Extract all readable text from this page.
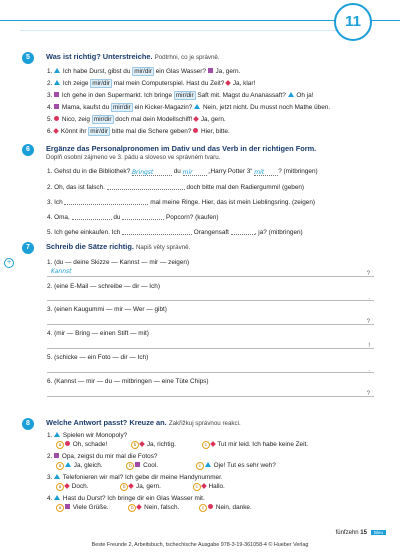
11
5	Was ist richtig? Unterstreiche. Podtrhni, co je správně.
1. Ich habe Durst, gibst du mir/dir ein Glas Wasser? Ja, gern.
2. Ich zeige mir/dir mal mein Computerspiel. Hast du Zeit? Ja, klar!
3. Ich gehe in den Supermarkt. Ich bringe mir/dir Saft mit. Magst du Ananassaft? Oh ja!
4. Mama, kaufst du mir/dir ein Kicker-Magazin? Nein, jetzt nicht. Du musst noch Mathe üben.
5. Nico, zeig mir/dir doch mal dein Modellschiff! Ja, gern.
6. Könnt ihr mir/dir bitte mal die Schere geben? Hier, bitte.
6	Ergänze das Personalpronomen im Dativ und das Verb in der richtigen Form.
Doplň osobní zájmeno ve 3. pádu a sloveso ve správném tvaru.
1. Gehst du in die Bibliothek? Bringst	du mir „Harry Potter 3“ mit ? (mitbringen)
2. Oh, das ist falsch.	doch bitte mal den Radiergummi! (geben)
3. Ich	mal meine Ringe. Hier, das ist mein Lieblingsring. (zeigen)
4. Oma,	du	Popcorn? (kaufen)
5. Ich gehe einkaufen. Ich	Orangensaft	, ja? (mitbringen)
7	Schreib die Sätze richtig. Napiš věty správně.
+	1. (du — deine Skizze — Kannst — mir — zeigen)
Kannst	?
2. (eine E-Mail — schreibe — dir — Ich)
.
3. (einen Kaugummi — mir — Wer — gibt)
?
4. (mir — Bring — einen Stift — mit)
!
5. (schicke — ein Foto — dir — Ich)
.
6. (Kannst — mir — du — mitbringen — eine Tüte Chips)
?
8	Welche Antwort passt? Kreuze an. Zakřižkuj správnou reakci.
1. Spielen wir Monopoly?
a Oh, schade!	b Ja, richtig.	c Tut mir leid. Ich habe keine Zeit.
2. Opa, zeigst du mir mal die Fotos?
a Ja, gleich.	b Cool.	c Oje! Tut es sehr weh?
3. Telefonieren wir mal? Ich gebe dir meine Handynummer.
a Doch.	b Ja, gern.	c Hallo.
4. Hast du Durst? Ich bringe dir ein Glas Wasser mit.
a Viele Grüße.	b Nein, falsch.	c Nein, danke.
fünfzehn 15 Bleu
Beste Freunde 2, Arbeitsbuch, tschechische Ausgabe 978-3-19-361058-4 © Hueber Verlag
